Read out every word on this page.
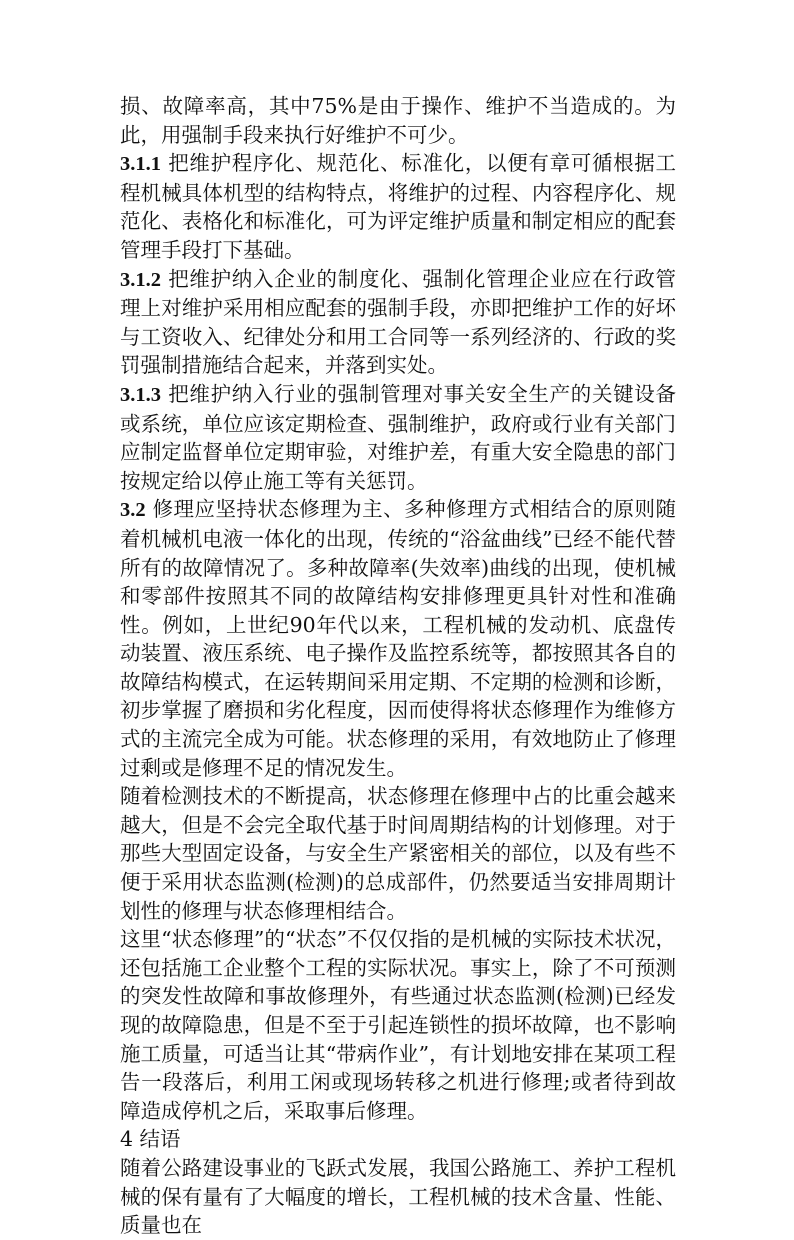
损、故障率高，其中75%是由于操作、维护不当造成的。为此，用强制手段来执行好维护不可少。

3.1.1 把维护程序化、规范化、标准化，以便有章可循根据工程机械具体机型的结构特点，将维护的过程、内容程序化、规范化、表格化和标准化，可为评定维护质量和制定相应的配套管理手段打下基础。

3.1.2 把维护纳入企业的制度化、强制化管理企业应在行政管理上对维护采用相应配套的强制手段，亦即把维护工作的好坏与工资收入、纪律处分和用工合同等一系列经济的、行政的奖罚强制措施结合起来，并落到实处。

3.1.3 把维护纳入行业的强制管理对事关安全生产的关键设备或系统，单位应该定期检查、强制维护，政府或行业有关部门应制定监督单位定期审验，对维护差，有重大安全隐患的部门按规定给以停止施工等有关惩罚。

3.2 修理应坚持状态修理为主、多种修理方式相结合的原则随着机械机电液一体化的出现，传统的“浴盆曲线”已经不能代替所有的故障情况了。多种故障率(失效率)曲线的出现，使机械和零部件按照其不同的故障结构安排修理更具针对性和准确性。例如，上世纪90年代以来，工程机械的发动机、底盘传动装置、液压系统、电子操作及监控系统等，都按照其各自的故障结构模式，在运转期间采用定期、不定期的检测和诊断，初步掌握了磨损和劣化程度，因而使得将状态修理作为维修方式的主流完全成为可能。状态修理的采用，有效地防止了修理过剩或是修理不足的情况发生。

随着检测技术的不断提高，状态修理在修理中占的比重会越来越大，但是不会完全取代基于时间周期结构的计划修理。对于那些大型固定设备，与安全生产紧密相关的部位，以及有些不便于采用状态监测(检测)的总成部件，仍然要适当安排周期计划性的修理与状态修理相结合。

这里“状态修理”的“状态”不仅仅指的是机械的实际技术状况，还包括施工企业整个工程的实际状况。事实上，除了不可预测的突发性故障和事故修理外，有些通过状态监测(检测)已经发现的故障隐患，但是不至于引起连锁性的损坏故障，也不影响施工质量，可适当让其“带病作业”，有计划地安排在某项工程告一段落后，利用工闲或现场转移之机进行修理;或者待到故障造成停机之后，采取事后修理。

4 结语

随着公路建设事业的飞跃式发展，我国公路施工、养护工程机械的保有量有了大幅度的增长，工程机械的技术含量、性能、质量也在
